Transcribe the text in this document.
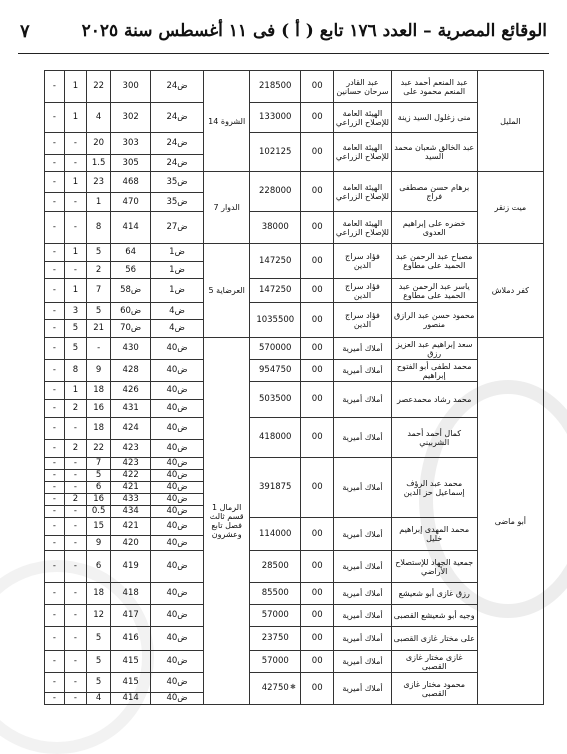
الوقائع المصرية – العدد ١٧٦ تابع ( أ ) فى ١١ أغسطس سنة ٢٠٢٥
٧
المليل	عبد المنعم أحمد عبد المنعم محمود على	عبد القادر سرحان حسانين	00	218500	الشروة 14	ض24	300	22	1	-
	منى زغلول السيد زينة	الهيئة العامة للإصلاح الزراعي	00	133000		ض24	302	4	1	-
	عبد الخالق شعبان محمد السيد	الهيئة العامة للإصلاح الزراعي	00	102125		ض24	303	20	-	-
						ض24	305	1.5	-	-
ميت زنقر	برهام حسن مصطفى فراج	الهيئة العامة للإصلاح الزراعي	00	228000	الدوار 7	ض35	468	23	1	-
						ض35	470	1	-	-
	خضره على إبراهيم العدوى	الهيئة العامة للإصلاح الزراعي	00	38000		ض27	414	8	-	-
كفر دملاش	مصباح عبد الرحمن عبد الحميد على مطاوع	فؤاد سراج الدين	00	147250	العرضاية 5	ض1	64	5	1	-
						ض1	56	2	-	-
	ياسر عبد الرحمن عبد الحميد على مطاوع	فؤاد سراج الدين	00	147250		ض1	ض58	7	1	-
	محمود حسن عبد الرازق منصور	فؤاد سراج الدين	00	1035500		ض4	ض60	5	3	-
						ض4	ض70	21	5	-
أبو ماضى	سعد إبراهيم عبد العزيز رزق	أملاك أميرية	00	570000	الرمال 1 قسم ثالث فصل تابع وعشرون	ض40	430	-	5	-
	محمد لطفى أبو الفتوح إبراهيم	أملاك أميرية	00	954750		ض40	428	9	8	-
	محمد رشاد محمدعصر	أملاك أميرية	00	503500		ض40	426	18	1	-
						ض40	431	16	2	-
	كمال أحمد أحمد الشربيني	أملاك أميرية	00	418000		ض40	424	18	-	-
						ض40	423	22	2	-
	محمد عبد الرؤف إسماعيل حز الدين	أملاك أميرية	00	391875		ض40	423	7	-	-
						ض40	422	5	-	-
						ض40	421	6	-	-
						ض40	433	16	2	-
						ض40	434	0.5	-	-
	محمد المهدى إبراهيم خليل	أملاك أميرية	00	114000		ض40	421	15	-	-
						ض40	420	9	-	-
	جمعية الجهاد للإستصلاح الأراضي	أملاك أميرية	00	28500		ض40	419	6	-	-
	رزق غازى أبو شعيشع	أملاك أميرية	00	85500		ض40	418	18	-	-
	وجيه أبو شعيشع القصبى	أملاك أميرية	00	57000		ض40	417	12	-	-
	على مختار غازى القصبى	أملاك أميرية	00	23750		ض40	416	5	-	-
	غازى مختار غازى القصبى	أملاك أميرية	00	57000		ض40	415	5	-	-
	محمود مختار غازى القصبى	أملاك أميرية	00	42750		ض40	415	5	-	-
						ض40	414	4	-	-
✱
